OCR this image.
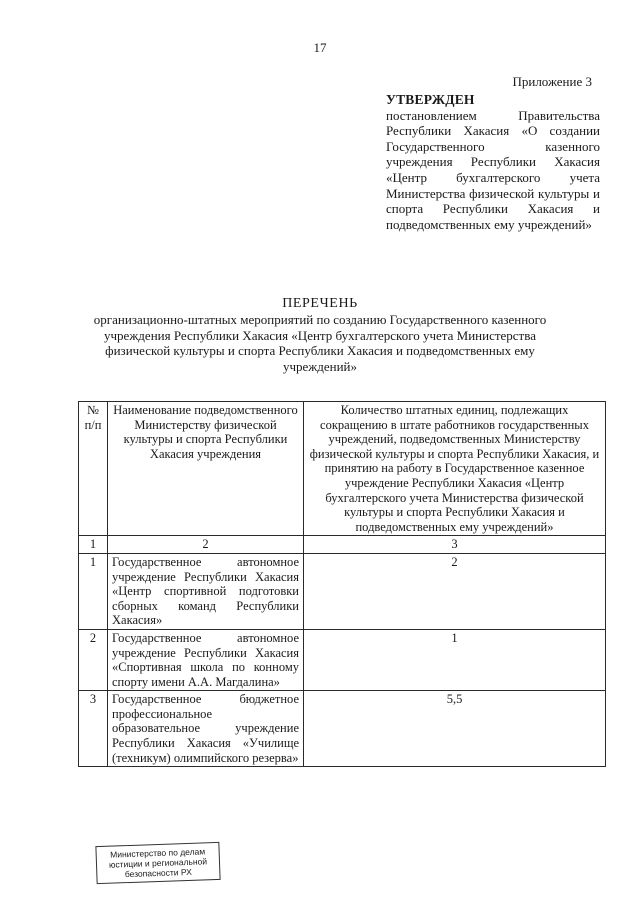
17
Приложение 3
УТВЕРЖДЕН
постановлением Правительства Республики Хакасия «О создании Государственного казенного учреждения Республики Хакасия «Центр бухгалтерского учета Министерства физической культуры и спорта Республики Хакасия и подведомственных ему учреждений»
ПЕРЕЧЕНЬ
организационно-штатных мероприятий по созданию Государственного казенного учреждения Республики Хакасия «Центр бухгалтерского учета Министерства физической культуры и спорта Республики Хакасия и подведомственных ему учреждений»
№ п/п	Наименование подведомственного Министерству физической культуры и спорта Республики Хакасия учреждения	Количество штатных единиц, подлежащих сокращению в штате работников государственных учреждений, подведомственных Министерству физической культуры и спорта Республики Хакасия, и принятию на работу в Государственное казенное учреждение Республики Хакасия «Центр бухгалтерского учета Министерства физической культуры и спорта Республики Хакасия и подведомственных ему учреждений»
1	2	3
1	Государственное автономное учреждение Республики Хакасия «Центр спортивной подготовки сборных команд Республики Хакасия»	2
2	Государственное автономное учреждение Республики Хакасия «Спортивная школа по конному спорту имени А.А. Магдалина»	1
3	Государственное бюджетное профессиональное образовательное учреждение Республики Хакасия «Училище (техникум) олимпийского резерва»	5,5
Министерство по делам юстиции и региональной безопасности РХ
